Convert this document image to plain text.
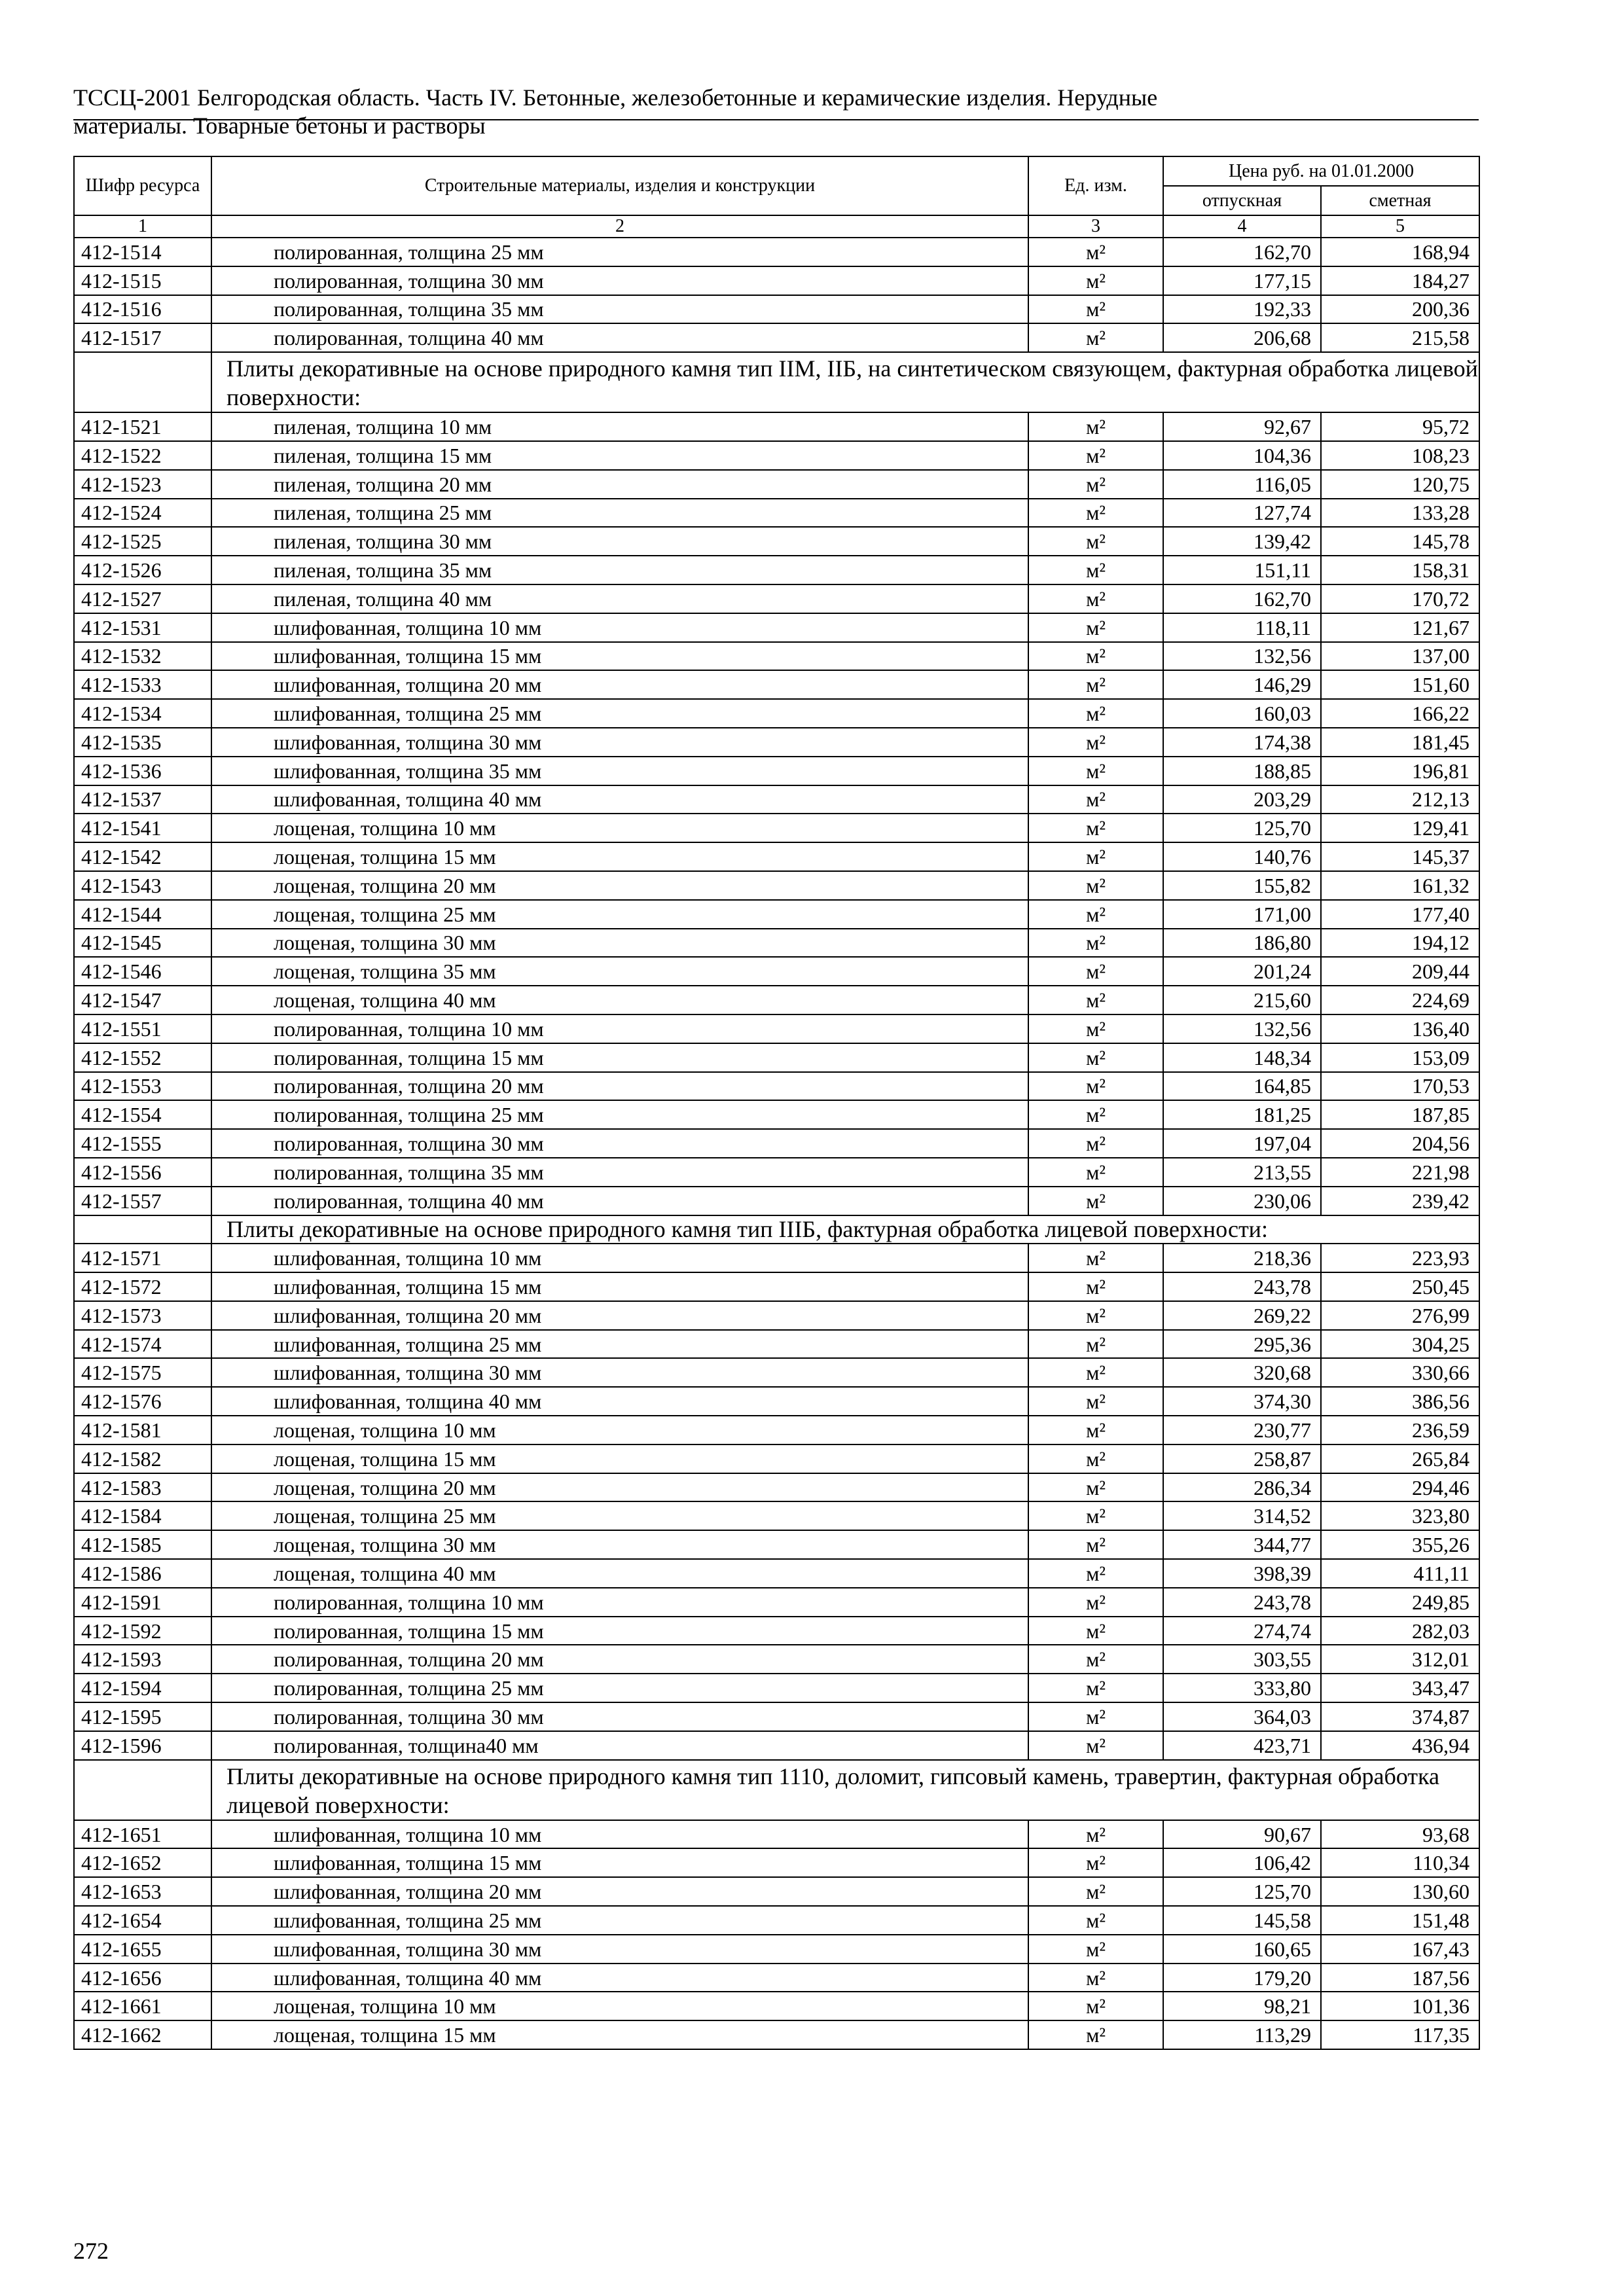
ТССЦ-2001 Белгородская область. Часть IV. Бетонные, железобетонные и керамические изделия. Нерудные
материалы. Товарные бетоны и растворы
Шифр ресурса	Строительные материалы, изделия и конструкции	Ед. изм.	Цена руб. на 01.01.2000	
			отпускная	сметная
1	2	3	4	5
412-1514	полированная, толщина 25 мм	м²	162,70	168,94
412-1515	полированная, толщина 30 мм	м²	177,15	184,27
412-1516	полированная, толщина 35 мм	м²	192,33	200,36
412-1517	полированная, толщина 40 мм	м²	206,68	215,58
	Плиты декоративные на основе природного камня тип IIМ, IIБ, на синтетическом связующем, фактурная обработка лицевой поверхности:			
412-1521	пиленая, толщина 10 мм	м²	92,67	95,72
412-1522	пиленая, толщина 15 мм	м²	104,36	108,23
412-1523	пиленая, толщина 20 мм	м²	116,05	120,75
412-1524	пиленая, толщина 25 мм	м²	127,74	133,28
412-1525	пиленая, толщина 30 мм	м²	139,42	145,78
412-1526	пиленая, толщина 35 мм	м²	151,11	158,31
412-1527	пиленая, толщина 40 мм	м²	162,70	170,72
412-1531	шлифованная, толщина 10 мм	м²	118,11	121,67
412-1532	шлифованная, толщина 15 мм	м²	132,56	137,00
412-1533	шлифованная, толщина 20 мм	м²	146,29	151,60
412-1534	шлифованная, толщина 25 мм	м²	160,03	166,22
412-1535	шлифованная, толщина 30 мм	м²	174,38	181,45
412-1536	шлифованная, толщина 35 мм	м²	188,85	196,81
412-1537	шлифованная, толщина 40 мм	м²	203,29	212,13
412-1541	лощеная, толщина 10 мм	м²	125,70	129,41
412-1542	лощеная, толщина 15 мм	м²	140,76	145,37
412-1543	лощеная, толщина 20 мм	м²	155,82	161,32
412-1544	лощеная, толщина 25 мм	м²	171,00	177,40
412-1545	лощеная, толщина 30 мм	м²	186,80	194,12
412-1546	лощеная, толщина 35 мм	м²	201,24	209,44
412-1547	лощеная, толщина 40 мм	м²	215,60	224,69
412-1551	полированная, толщина 10 мм	м²	132,56	136,40
412-1552	полированная, толщина 15 мм	м²	148,34	153,09
412-1553	полированная, толщина 20 мм	м²	164,85	170,53
412-1554	полированная, толщина 25 мм	м²	181,25	187,85
412-1555	полированная, толщина 30 мм	м²	197,04	204,56
412-1556	полированная, толщина 35 мм	м²	213,55	221,98
412-1557	полированная, толщина 40 мм	м²	230,06	239,42
	Плиты декоративные на основе природного камня тип IIIБ, фактурная обработка лицевой поверхности:			
412-1571	шлифованная, толщина 10 мм	м²	218,36	223,93
412-1572	шлифованная, толщина 15 мм	м²	243,78	250,45
412-1573	шлифованная, толщина 20 мм	м²	269,22	276,99
412-1574	шлифованная, толщина 25 мм	м²	295,36	304,25
412-1575	шлифованная, толщина 30 мм	м²	320,68	330,66
412-1576	шлифованная, толщина 40 мм	м²	374,30	386,56
412-1581	лощеная, толщина 10 мм	м²	230,77	236,59
412-1582	лощеная, толщина 15 мм	м²	258,87	265,84
412-1583	лощеная, толщина 20 мм	м²	286,34	294,46
412-1584	лощеная, толщина 25 мм	м²	314,52	323,80
412-1585	лощеная, толщина 30 мм	м²	344,77	355,26
412-1586	лощеная, толщина 40 мм	м²	398,39	411,11
412-1591	полированная, толщина 10 мм	м²	243,78	249,85
412-1592	полированная, толщина 15 мм	м²	274,74	282,03
412-1593	полированная, толщина 20 мм	м²	303,55	312,01
412-1594	полированная, толщина 25 мм	м²	333,80	343,47
412-1595	полированная, толщина 30 мм	м²	364,03	374,87
412-1596	полированная, толщина40 мм	м²	423,71	436,94
	Плиты декоративные на основе природного камня тип 1110, доломит, гипсовый камень, травертин, фактурная обработка лицевой поверхности:			
412-1651	шлифованная, толщина 10 мм	м²	90,67	93,68
412-1652	шлифованная, толщина 15 мм	м²	106,42	110,34
412-1653	шлифованная, толщина 20 мм	м²	125,70	130,60
412-1654	шлифованная, толщина 25 мм	м²	145,58	151,48
412-1655	шлифованная, толщина 30 мм	м²	160,65	167,43
412-1656	шлифованная, толщина 40 мм	м²	179,20	187,56
412-1661	лощеная, толщина 10 мм	м²	98,21	101,36
412-1662	лощеная, толщина 15 мм	м²	113,29	117,35
272
